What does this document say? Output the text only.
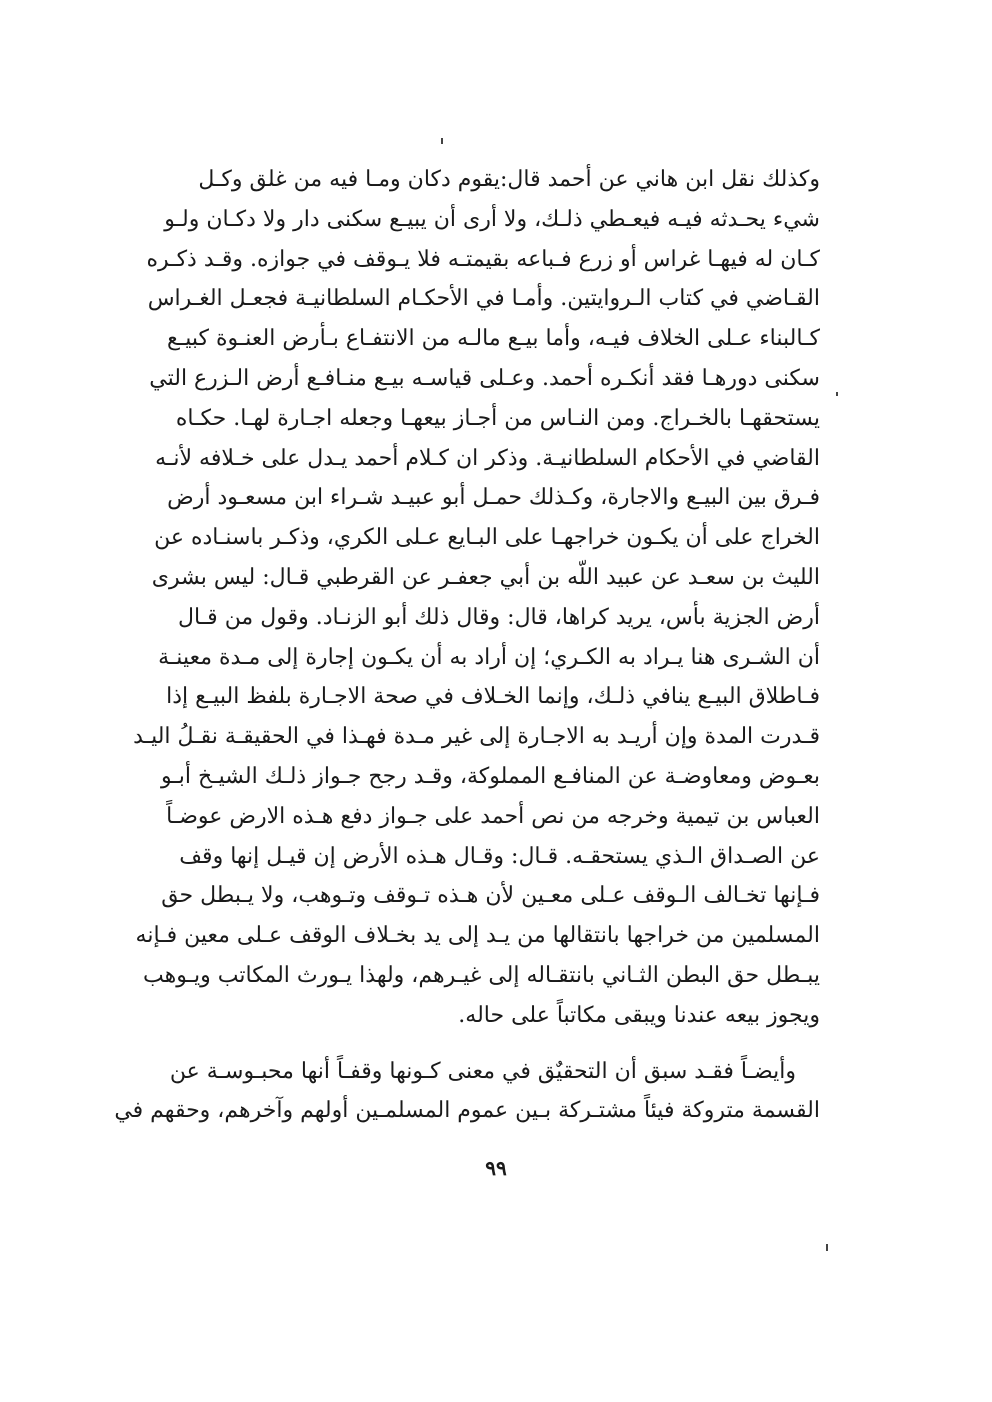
وكذلك نقل ابن هاني عن أحمد قال:يقوم دكان ومـا فيه من غلق وكـل
شيء يحـدثه فيـه فيعـطي ذلـك، ولا أرى أن يبيـع سكنى دار ولا دكـان ولـو
كـان له فيهـا غراس أو زرع فـباعه بقيمتـه فلا يـوقف في جوازه. وقـد ذكـره
القـاضي في كتاب الـروايتين. وأمـا في الأحكـام السلطانيـة فجعـل الغـراس
كـالبناء عـلى الخلاف فيـه، وأما بيـع مالـه من الانتفـاع بـأرض العنـوة كبيـع
سكنى دورهـا فقد أنكـره أحمد. وعـلى قياسـه بيـع منـافـع أرض الـزرع التي
يستحقهـا بالخـراج. ومن النـاس من أجـاز بيعهـا وجعله اجـارة لهـا. حكـاه
القاضي في الأحكام السلطانيـة. وذكر ان كـلام أحمد يـدل على خـلافه لأنـه
فـرق بين البيـع والاجارة، وكـذلك حمـل أبو عبيـد شـراء ابن مسعـود أرض
الخراج على أن يكـون خراجهـا على البـايع عـلى الكري، وذكـر باسنـاده عن
الليث بن سعـد عن عبيد اللّه بن أبي جعفـر عن القرطبي قـال: ليس بشرى
أرض الجزية بأس، يريد كراها، قال: وقال ذلك أبو الزنـاد. وقول من قـال
أن الشـرى هنا يـراد به الكـري؛ إن أراد به أن يكـون إجارة إلى مـدة معينـة
فـاطلاق البيـع ينافي ذلـك، وإنما الخـلاف في صحة الاجـارة بلفظ البيـع إذا
قـدرت المدة وإن أريـد به الاجـارة إلى غير مـدة فهـذا في الحقيقـة نقـلُ اليـد
بعـوض ومعاوضـة عن المنافـع المملوكة، وقـد رجح جـواز ذلـك الشيـخ أبـو
العباس بن تيمية وخرجه من نص أحمد على جـواز دفع هـذه الارض عوضـاً
عن الصـداق الـذي يستحقـه. قـال: وقـال هـذه الأرض إن قيـل إنها وقف
فـإنها تخـالف الـوقف عـلى معـين لأن هـذه تـوقف وتـوهب، ولا يـبطل حق
المسلمين من خراجها بانتقالها من يـد إلى يد بخـلاف الوقف عـلى معين فـإنه
يبـطل حق البطن الثـاني بانتقـاله إلى غيـرهم، ولهذا يـورث المكاتب ويـوهب
ويجوز بيعه عندنا ويبقى مكاتباً على حاله.
وأيضـاً فقـد سبق أن التحقيٌق في معنى كـونها وقفـاً أنها محبـوسـة عن
القسمة متروكة فيئاً مشتـركة بـين عموم المسلمـين أولهم وآخرهم، وحقهم في
٩٩
